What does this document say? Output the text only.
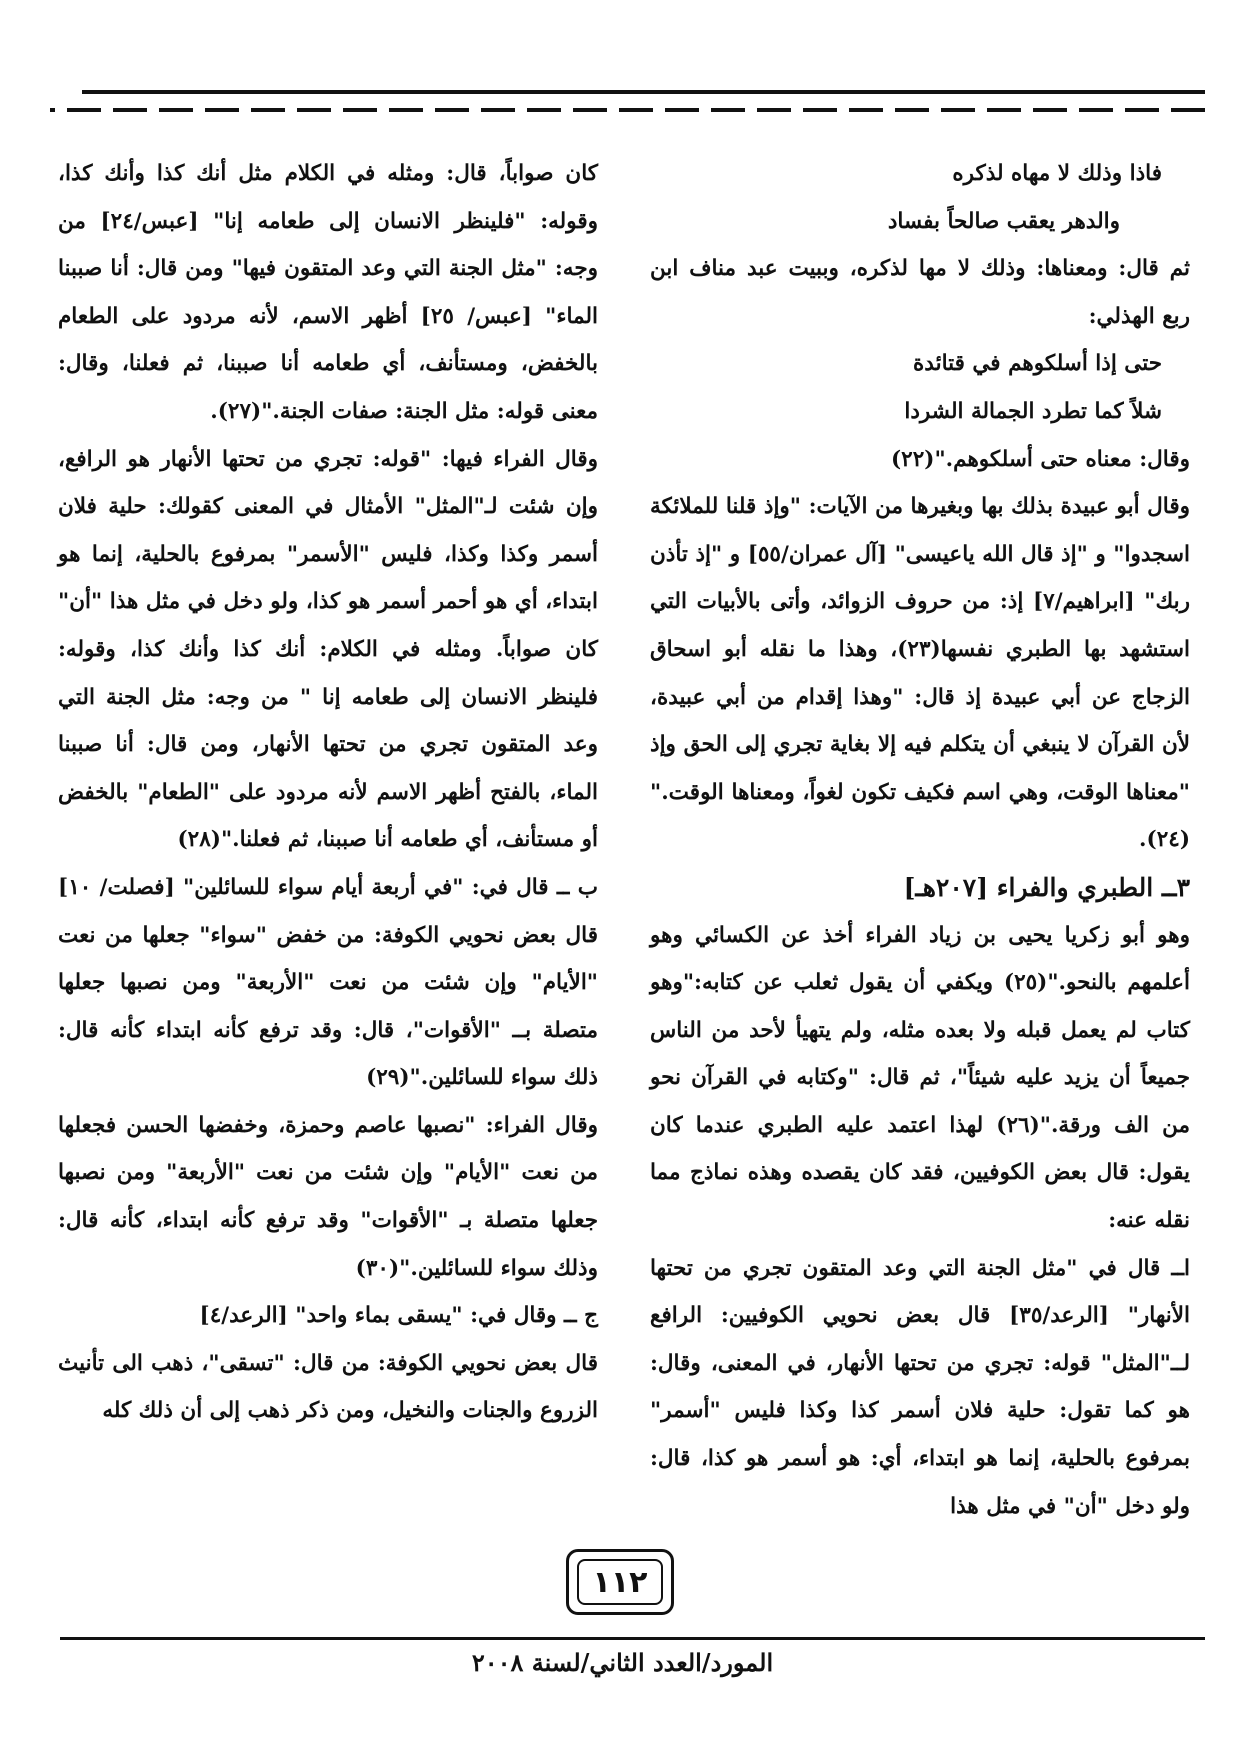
فاذا وذلك لا مهاه لذكره

والدهر يعقب صالحاً بفساد

ثم قال: ومعناها: وذلك لا مها لذكره، وببيت عبد مناف ابن ربع الهذلي:

حتى إذا أسلكوهم في قتائدة

شلاً كما تطرد الجمالة الشردا

وقال: معناه حتى أسلكوهم."(٢٢)

وقال أبو عبيدة بذلك بها وبغيرها من الآيات: "وإذ قلنا للملائكة اسجدوا" و "إذ قال الله ياعيسى" [آل عمران/٥٥] و "إذ تأذن ربك" [ابراهيم/٧] إذ: من حروف الزوائد، وأتى بالأبيات التي استشهد بها الطبري نفسها(٢٣)، وهذا ما نقله أبو اسحاق الزجاج عن أبي عبيدة إذ قال: "وهذا إقدام من أبي عبيدة، لأن القرآن لا ينبغي أن يتكلم فيه إلا بغاية تجري إلى الحق وإذ "معناها الوقت، وهي اسم فكيف تكون لغواً، ومعناها الوقت."(٢٤).

٣ــ الطبري والفراء [٢٠٧هـ]

وهو أبو زكريا يحيى بن زياد الفراء أخذ عن الكسائي وهو أعلمهم بالنحو."(٢٥) ويكفي أن يقول ثعلب عن كتابه:"وهو كتاب لم يعمل قبله ولا بعده مثله، ولم يتهيأ لأحد من الناس جميعاً أن يزيد عليه شيئاً"، ثم قال: "وكتابه في القرآن نحو من الف ورقة."(٢٦) لهذا اعتمد عليه الطبري عندما كان يقول: قال بعض الكوفيين، فقد كان يقصده وهذه نماذج مما نقله عنه:

اــ قال في "مثل الجنة التي وعد المتقون تجري من تحتها الأنهار" [الرعد/٣٥] قال بعض نحويي الكوفيين: الرافع لــ"المثل" قوله: تجري من تحتها الأنهار، في المعنى، وقال: هو كما تقول: حلية فلان أسمر كذا وكذا فليس "أسمر" بمرفوع بالحلية، إنما هو ابتداء، أي: هو أسمر هو كذا، قال: ولو دخل "أن" في مثل هذا

كان صواباً، قال: ومثله في الكلام مثل أنك كذا وأنك كذا، وقوله: "فلينظر الانسان إلى طعامه إنا" [عبس/٢٤] من وجه: "مثل الجنة التي وعد المتقون فيها" ومن قال: أنا صببنا الماء" [عبس/ ٢٥] أظهر الاسم، لأنه مردود على الطعام بالخفض، ومستأنف، أي طعامه أنا صببنا، ثم فعلنا، وقال: معنى قوله: مثل الجنة: صفات الجنة."(٢٧).

وقال الفراء فيها: "قوله: تجري من تحتها الأنهار هو الرافع، وإن شئت لـ"المثل" الأمثال في المعنى كقولك: حلية فلان أسمر وكذا وكذا، فليس "الأسمر" بمرفوع بالحلية، إنما هو ابتداء، أي هو أحمر أسمر هو كذا، ولو دخل في مثل هذا "أن" كان صواباً. ومثله في الكلام: أنك كذا وأنك كذا، وقوله: فلينظر الانسان إلى طعامه إنا " من وجه: مثل الجنة التي وعد المتقون تجري من تحتها الأنهار، ومن قال: أنا صببنا الماء، بالفتح أظهر الاسم لأنه مردود على "الطعام" بالخفض أو مستأنف، أي طعامه أنا صببنا، ثم فعلنا."(٢٨)

ب ــ قال في: "في أربعة أيام سواء للسائلين" [فصلت/ ١٠] قال بعض نحويي الكوفة: من خفض "سواء" جعلها من نعت "الأيام" وإن شئت من نعت "الأربعة" ومن نصبها جعلها متصلة بــ "الأقوات"، قال: وقد ترفع كأنه ابتداء كأنه قال: ذلك سواء للسائلين."(٢٩)

وقال الفراء: "نصبها عاصم وحمزة، وخفضها الحسن فجعلها من نعت "الأيام" وإن شئت من نعت "الأربعة" ومن نصبها جعلها متصلة بـ "الأقوات" وقد ترفع كأنه ابتداء، كأنه قال: وذلك سواء للسائلين."(٣٠)

ج ــ وقال في: "يسقى بماء واحد" [الرعد/٤]

قال بعض نحويي الكوفة: من قال: "تسقى"، ذهب الى تأنيث الزروع والجنات والنخيل، ومن ذكر ذهب إلى أن ذلك كله

١١٢
المورد/العدد الثاني/لسنة ٢٠٠٨
